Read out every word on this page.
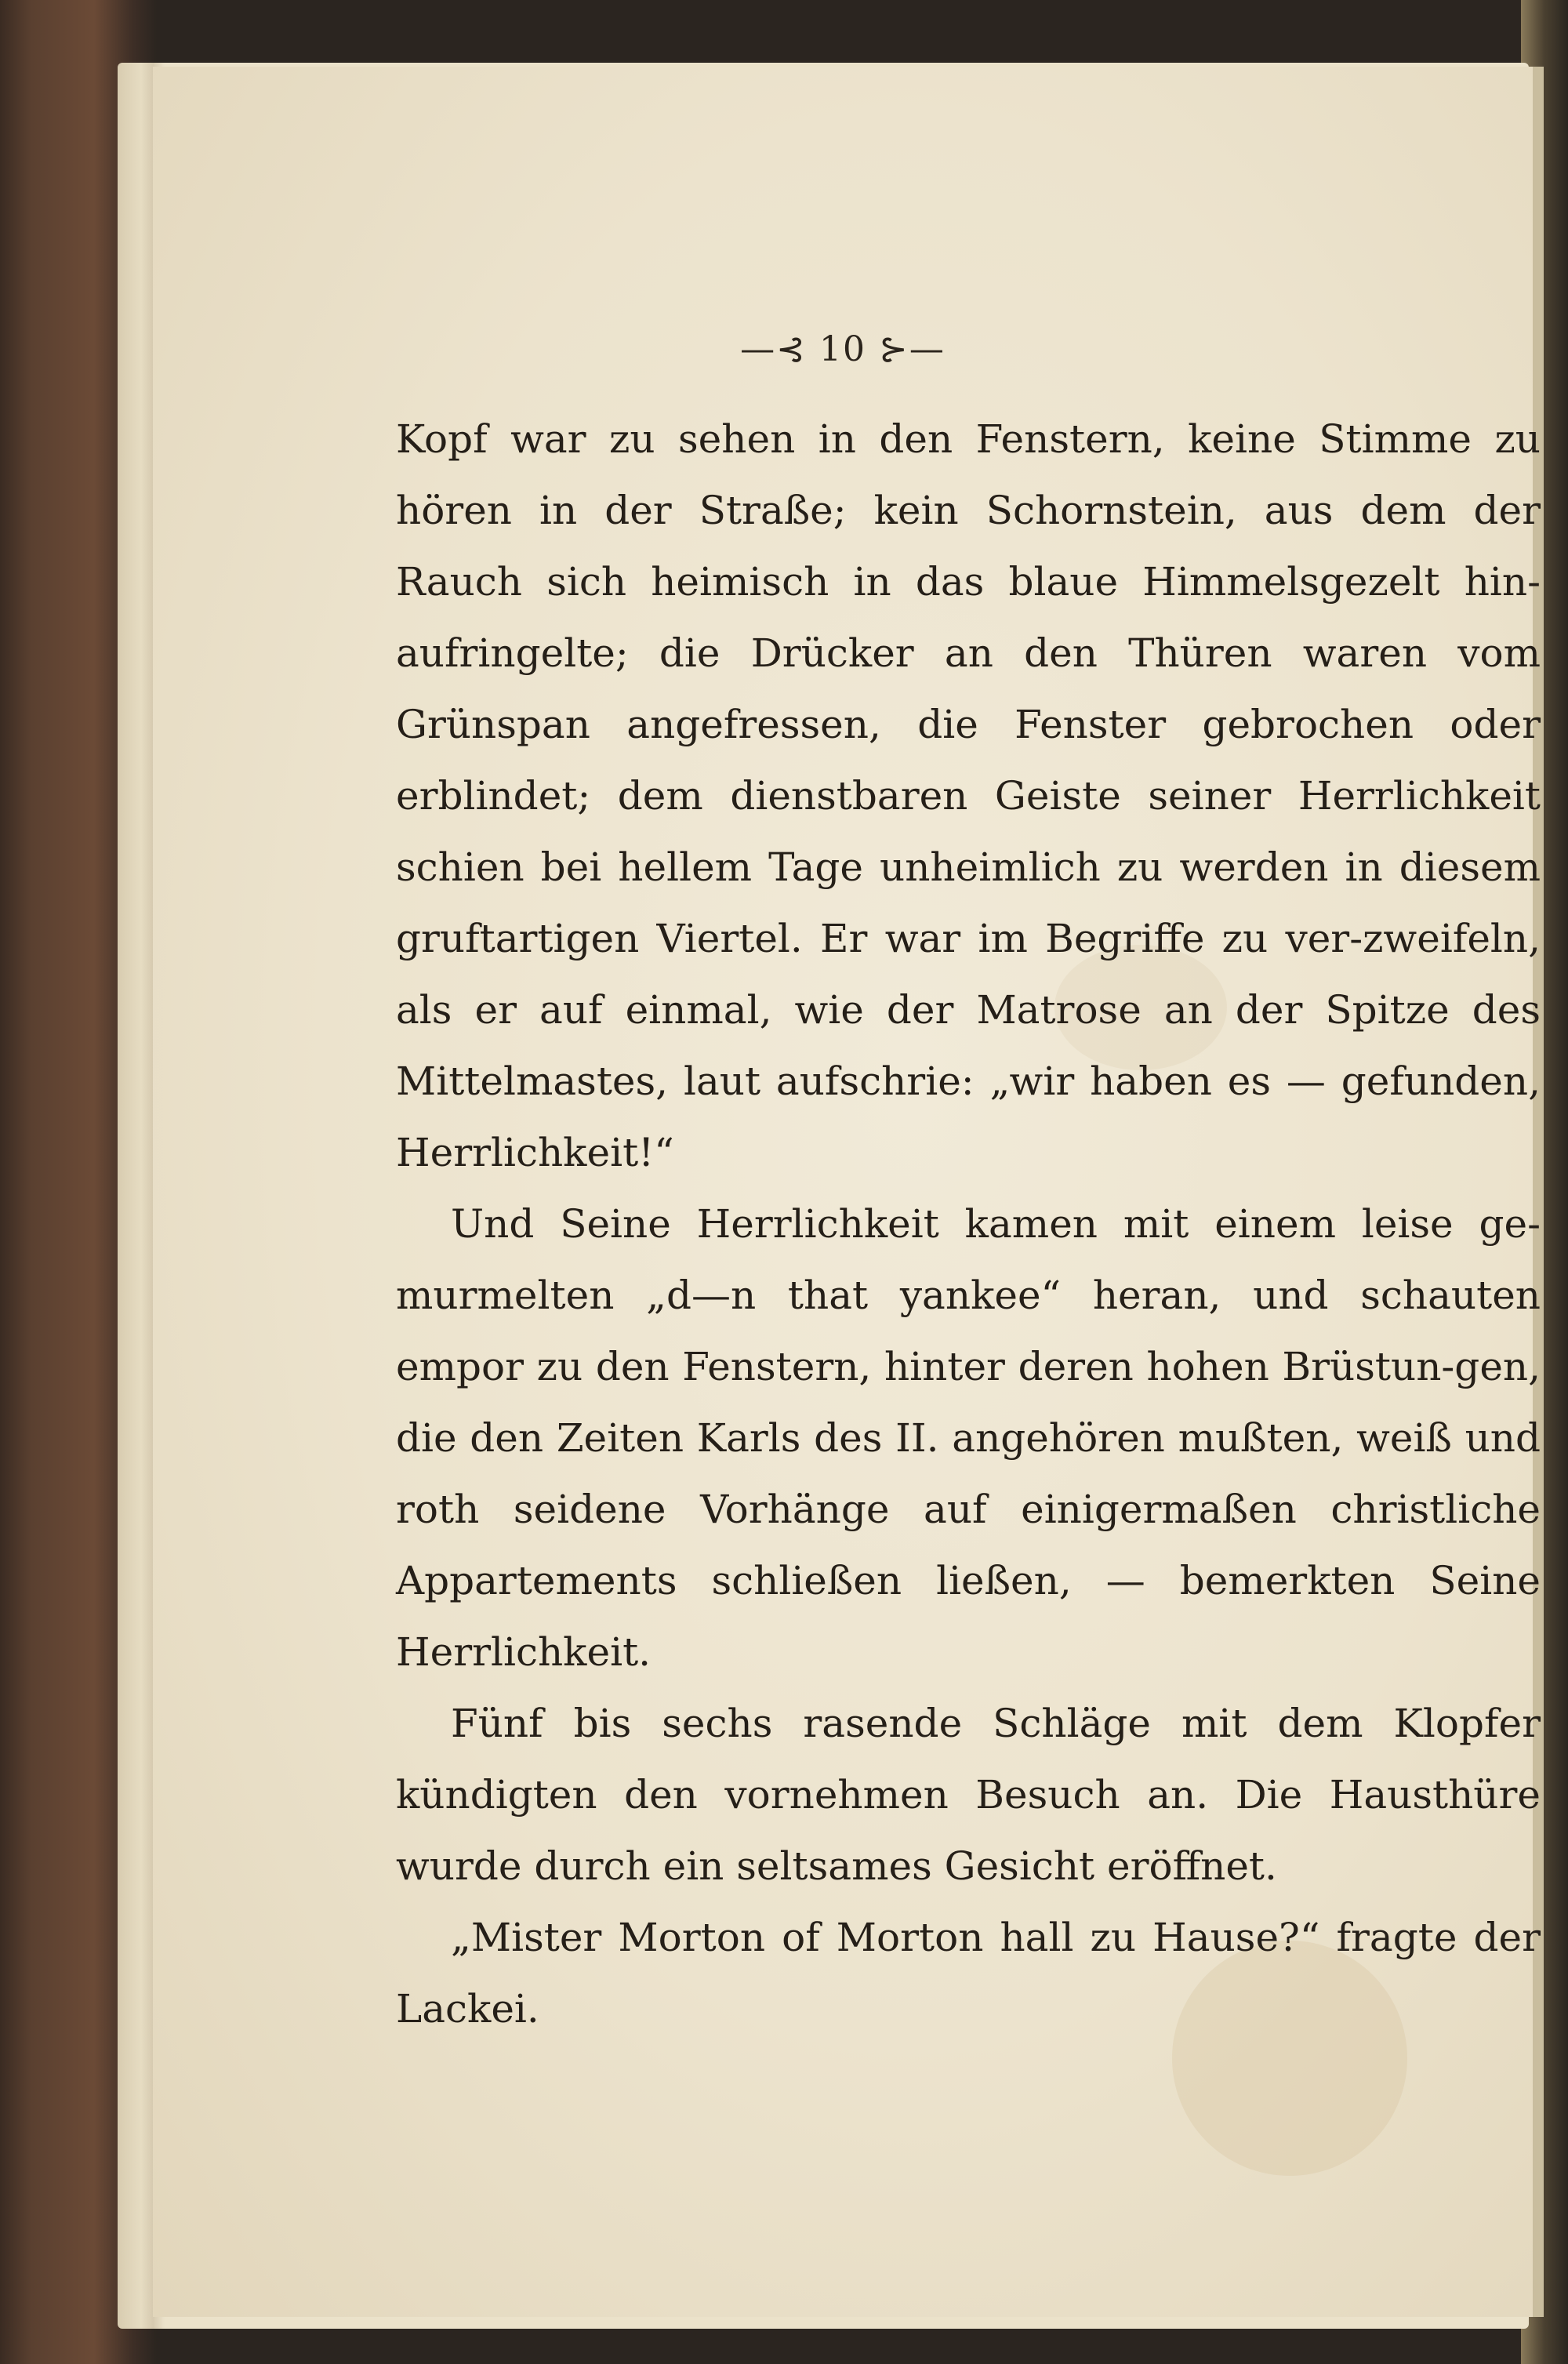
—⊰ 10 ⊱—

Kopf war zu sehen in den Fenstern, keine Stimme zu hören in der Straße; kein Schornstein, aus dem der Rauch sich heimisch in das blaue Himmelsgezelt hin-aufringelte; die Drücker an den Thüren waren vom Grünspan angefressen, die Fenster gebrochen oder erblindet; dem dienstbaren Geiste seiner Herrlichkeit schien bei hellem Tage unheimlich zu werden in diesem gruftartigen Viertel. Er war im Begriffe zu ver-zweifeln, als er auf einmal, wie der Matrose an der Spitze des Mittelmastes, laut aufschrie: „wir haben es — gefunden, Herrlichkeit!“

Und Seine Herrlichkeit kamen mit einem leise ge-murmelten „d—n that yankee“ heran, und schauten empor zu den Fenstern, hinter deren hohen Brüstun-gen, die den Zeiten Karls des II. angehören mußten, weiß und roth seidene Vorhänge auf einigermaßen christliche Appartements schließen ließen, — bemerkten Seine Herrlichkeit.

Fünf bis sechs rasende Schläge mit dem Klopfer kündigten den vornehmen Besuch an. Die Hausthüre wurde durch ein seltsames Gesicht eröffnet.

„Mister Morton of Morton hall zu Hause?“ fragte der Lackei.
